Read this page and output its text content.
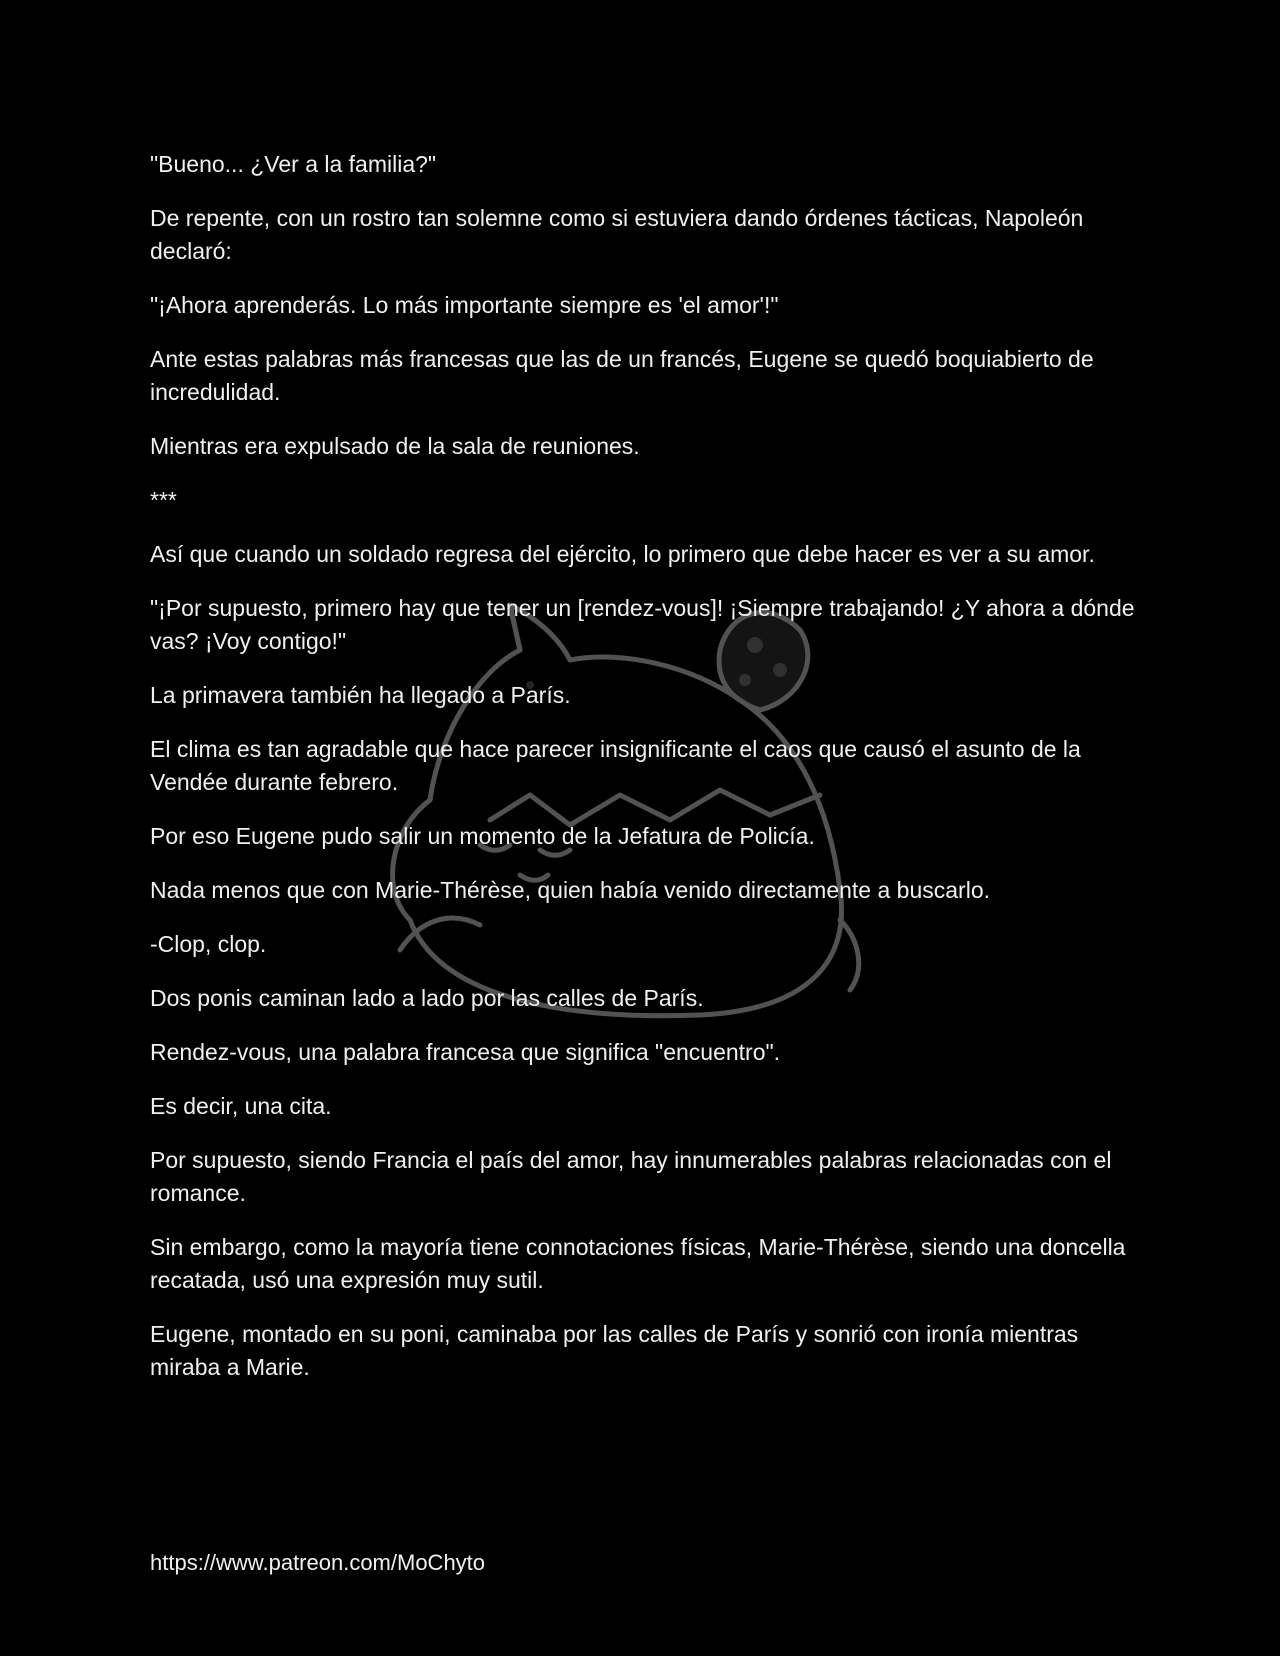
"Bueno... ¿Ver a la familia?"

De repente, con un rostro tan solemne como si estuviera dando órdenes tácticas, Napoleón declaró:

"¡Ahora aprenderás. Lo más importante siempre es 'el amor'!"

Ante estas palabras más francesas que las de un francés, Eugene se quedó boquiabierto de incredulidad.

Mientras era expulsado de la sala de reuniones.

***

Así que cuando un soldado regresa del ejército, lo primero que debe hacer es ver a su amor.

"¡Por supuesto, primero hay que tener un [rendez-vous]! ¡Siempre trabajando! ¿Y ahora a dónde vas? ¡Voy contigo!"

La primavera también ha llegado a París.

El clima es tan agradable que hace parecer insignificante el caos que causó el asunto de la Vendée durante febrero.

Por eso Eugene pudo salir un momento de la Jefatura de Policía.

Nada menos que con Marie-Thérèse, quien había venido directamente a buscarlo.

-Clop, clop.

Dos ponis caminan lado a lado por las calles de París.

Rendez-vous, una palabra francesa que significa "encuentro".

Es decir, una cita.

Por supuesto, siendo Francia el país del amor, hay innumerables palabras relacionadas con el romance.

Sin embargo, como la mayoría tiene connotaciones físicas, Marie-Thérèse, siendo una doncella recatada, usó una expresión muy sutil.

Eugene, montado en su poni, caminaba por las calles de París y sonrió con ironía mientras miraba a Marie.

https://www.patreon.com/MoChyto
